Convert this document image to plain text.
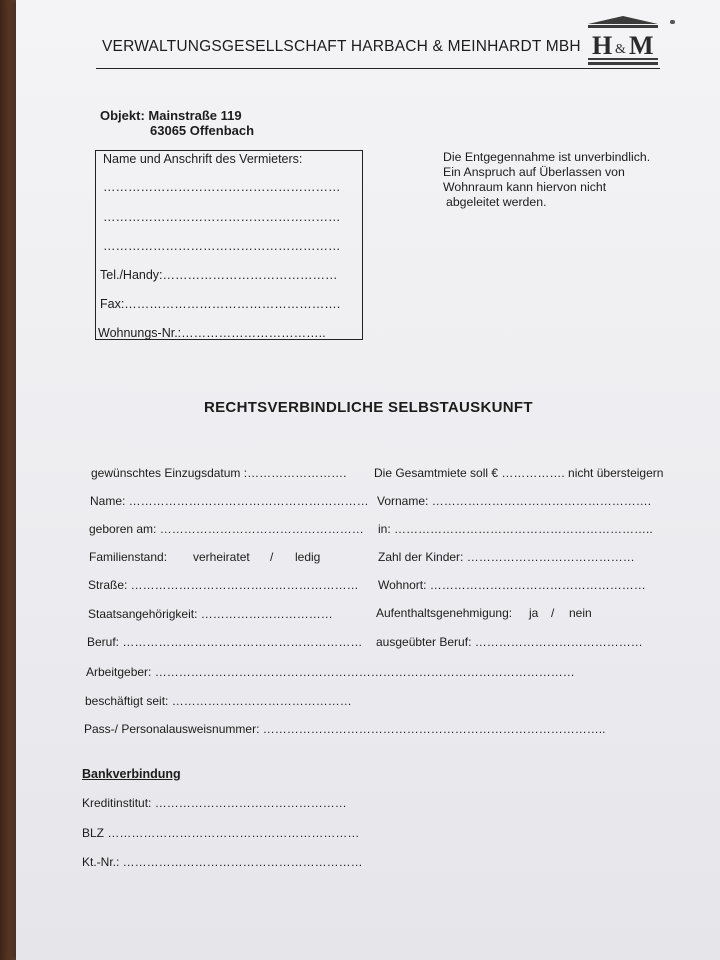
VERWALTUNGSGESELLSCHAFT HARBACH & MEINHARDT MBH H & M
Objekt: Mainstraße 119
63065 Offenbach
Name und Anschrift des Vermieters:
…………………………………………………
…………………………………………………
…………………………………………………
Tel./Handy:……………………………………
Fax:…………………………………………….
Wohnungs-Nr.:……………………………..
Die Entgegennahme ist unverbindlich.
Ein Anspruch auf Überlassen von
Wohnraum kann hiervon nicht
abgeleitet werden.
RECHTSVERBINDLICHE SELBSTAUSKUNFT
gewünschtes Einzugsdatum :……………………. Die Gesamtmiete soll € ……………. nicht übersteigern
Name: …………………………………………………… Vorname: ……………………………………………….
geboren am: …………………………………………… in: ………………………………………………………..
Familienstand: verheiratet / ledig	Zahl der Kinder: ……………………………………
Straße: ………………………………………………… Wohnort: ………………………………………………
Staatsangehörigkeit: ……………………………	Aufenthaltsgenehmigung: ja / nein
Beruf: …………………………………………………… ausgeübter Beruf: ……………………………………
Arbeitgeber: ……………………………………………………………………………………………
beschäftigt seit: ………………………………………
Pass-/ Personalausweisnummer: …………………………………………………………………………..
Bankverbindung
Kreditinstitut: …………………………………………
BLZ ………………………………………………………
Kt.-Nr.: ……………………………………………………
